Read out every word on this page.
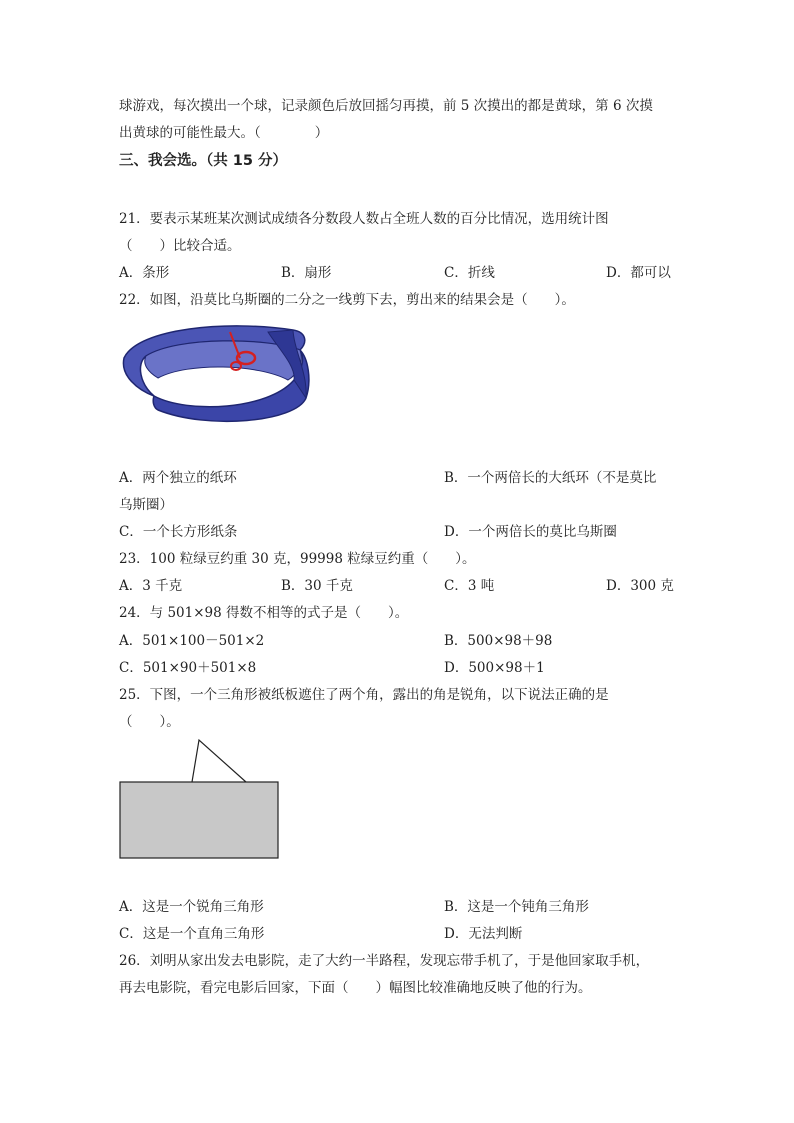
球游戏，每次摸出一个球，记录颜色后放回摇匀再摸，前 5 次摸出的都是黄球，第 6 次摸
出黄球的可能性最大。（　　　　）
三、我会选。（共 15 分）
21．要表示某班某次测试成绩各分数段人数占全班人数的百分比情况，选用统计图
（　　）比较合适。
A．条形	B．扇形	C．折线	D．都可以
22．如图，沿莫比乌斯圈的二分之一线剪下去，剪出来的结果会是（　　）。
A．两个独立的纸环	B．一个两倍长的大纸环（不是莫比
乌斯圈）
C．一个长方形纸条	D．一个两倍长的莫比乌斯圈
23．100 粒绿豆约重 30 克，99998 粒绿豆约重（　　）。
A．3 千克	B．30 千克	C．3 吨	D．300 克
24．与 501×98 得数不相等的式子是（　　）。
A．501×100－501×2	B．500×98＋98
C．501×90＋501×8	D．500×98＋1
25．下图，一个三角形被纸板遮住了两个角，露出的角是锐角，以下说法正确的是
（　　）。
A．这是一个锐角三角形	B．这是一个钝角三角形
C．这是一个直角三角形	D．无法判断
26．刘明从家出发去电影院，走了大约一半路程，发现忘带手机了，于是他回家取手机，
再去电影院，看完电影后回家，下面（　　）幅图比较准确地反映了他的行为。
